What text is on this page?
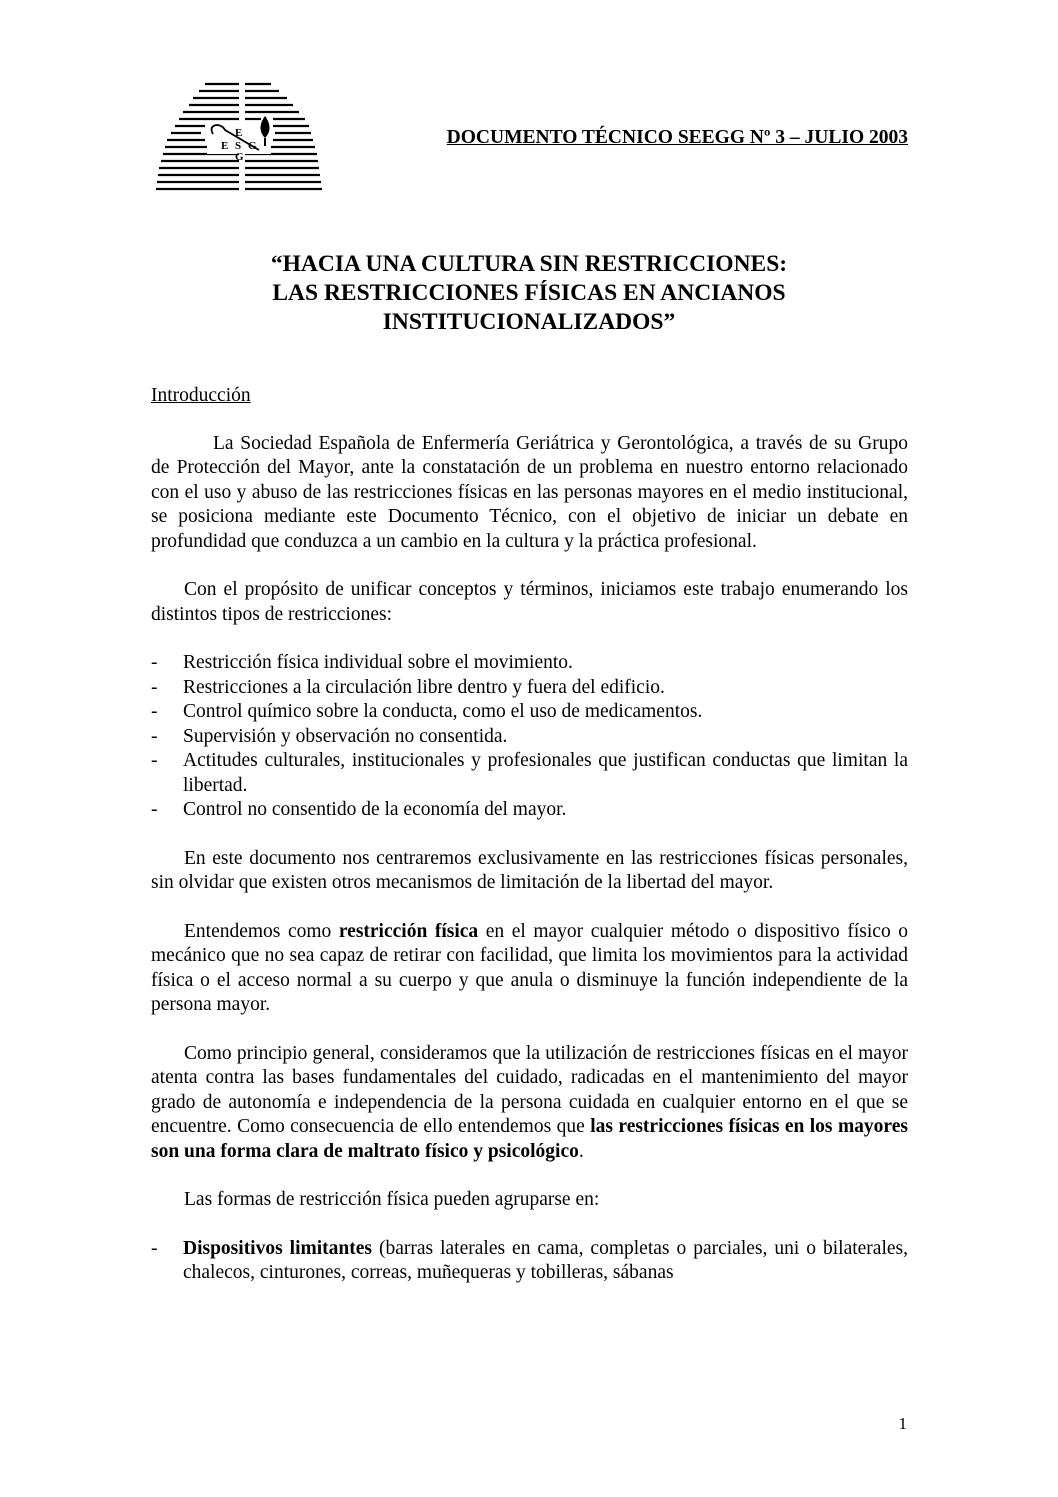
E
E S G
G
DOCUMENTO TÉCNICO SEEGG Nº 3 – JULIO 2003
“HACIA UNA CULTURA SIN RESTRICCIONES:
LAS RESTRICCIONES FÍSICAS EN ANCIANOS
INSTITUCIONALIZADOS”
Introducción

La Sociedad Española de Enfermería Geriátrica y Gerontológica, a través de su Grupo de Protección del Mayor, ante la constatación de un problema en nuestro entorno relacionado con el uso y abuso de las restricciones físicas en las personas mayores en el medio institucional, se posiciona mediante este Documento Técnico, con el objetivo de iniciar un debate en profundidad que conduzca a un cambio en la cultura y la práctica profesional.

Con el propósito de unificar conceptos y términos, iniciamos este trabajo enumerando los distintos tipos de restricciones:

- Restricción física individual sobre el movimiento.
- Restricciones a la circulación libre dentro y fuera del edificio.
- Control químico sobre la conducta, como el uso de medicamentos.
- Supervisión y observación no consentida.
- Actitudes culturales, institucionales y profesionales que justifican conductas que limitan la libertad.
- Control no consentido de la economía del mayor.

En este documento nos centraremos exclusivamente en las restricciones físicas personales, sin olvidar que existen otros mecanismos de limitación de la libertad del mayor.

Entendemos como restricción física en el mayor cualquier método o dispositivo físico o mecánico que no sea capaz de retirar con facilidad, que limita los movimientos para la actividad física o el acceso normal a su cuerpo y que anula o disminuye la función independiente de la persona mayor.

Como principio general, consideramos que la utilización de restricciones físicas en el mayor atenta contra las bases fundamentales del cuidado, radicadas en el mantenimiento del mayor grado de autonomía e independencia de la persona cuidada en cualquier entorno en el que se encuentre. Como consecuencia de ello entendemos que las restricciones físicas en los mayores son una forma clara de maltrato físico y psicológico.

Las formas de restricción física pueden agruparse en:

- Dispositivos limitantes (barras laterales en cama, completas o parciales, uni o bilaterales, chalecos, cinturones, correas, muñequeras y tobilleras, sábanas
1
